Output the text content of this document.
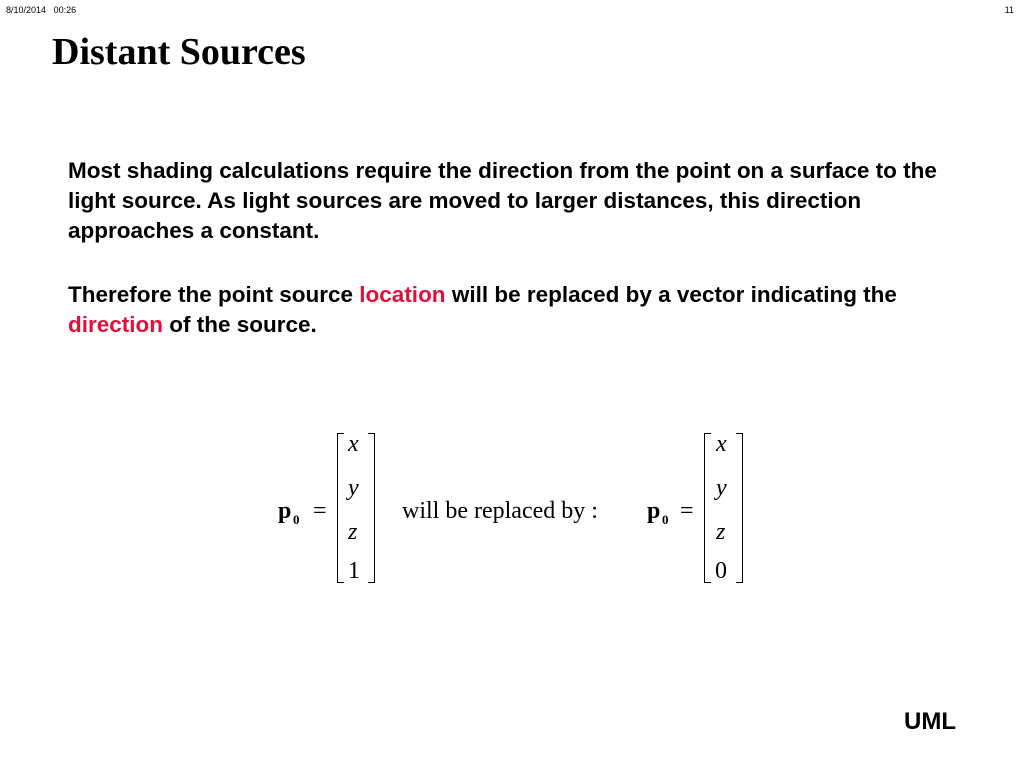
8/10/2014 00:26	11
Distant Sources

Most shading calculations require the direction from the point on a surface to the light source. As light sources are moved to larger distances, this direction approaches a constant.

Therefore the point source location will be replaced by a vector indicating the direction of the source.

p 0 =
x
y
z
1
will be replaced by : p 0 =
x
y
z
0
UML
